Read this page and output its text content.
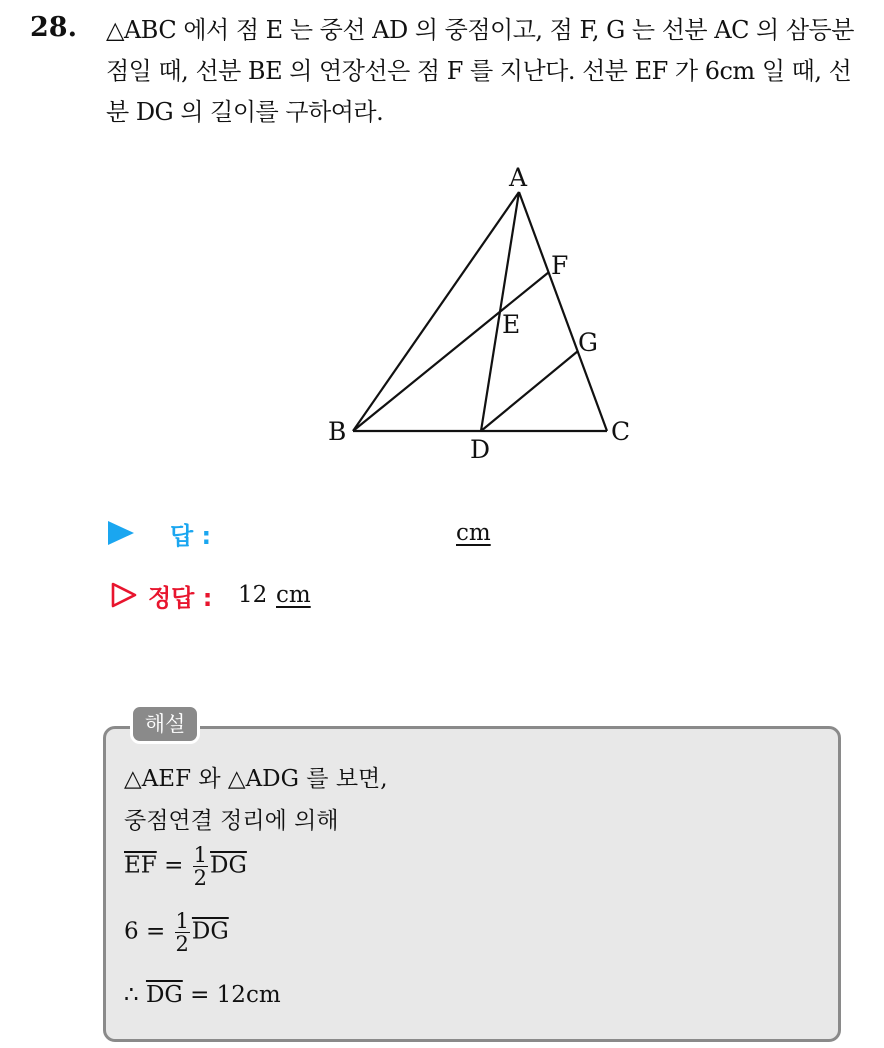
28. △ABC 에서 점 E 는 중선 AD 의 중점이고, 점 F, G 는 선분 AC 의 삼등분점일 때, 선분 BE 의 연장선은 점 F 를 지난다. 선분 EF 가 6cm 일 때, 선분 DG 의 길이를 구하여라.
A
B	C
D
E
F
G
답 :	cm
정답 : 12 cm
해설
△AEF 와 △ADG 를 보면,
중점연결 정리에 의해
$\overline{EF} = \frac{1}{2} \overline{DG}$
$6 = \frac{1}{2} \overline{DG}$
∴ $\overline{DG} = 12cm$
